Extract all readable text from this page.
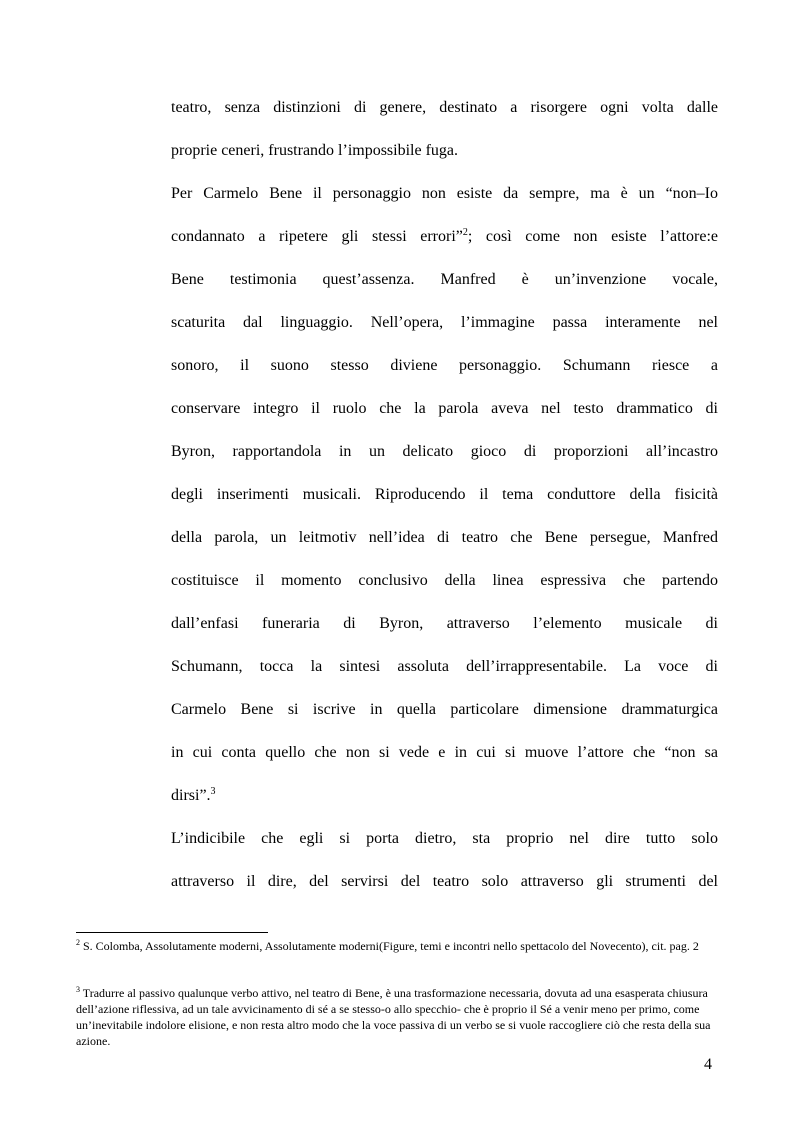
teatro, senza distinzioni di genere, destinato a risorgere ogni volta dalle
proprie ceneri, frustrando l’impossibile fuga.
Per Carmelo Bene il personaggio non esiste da sempre, ma è un “non–Io
condannato a ripetere gli stessi errori”$^2$; così come non esiste l’attore:e
Bene testimonia quest’assenza. Manfred è un’invenzione vocale,
scaturita dal linguaggio. Nell’opera, l’immagine passa interamente nel
sonoro, il suono stesso diviene personaggio. Schumann riesce a
conservare integro il ruolo che la parola aveva nel testo drammatico di
Byron, rapportandola in un delicato gioco di proporzioni all’incastro
degli inserimenti musicali. Riproducendo il tema conduttore della fisicità
della parola, un leitmotiv nell’idea di teatro che Bene persegue, Manfred
costituisce il momento conclusivo della linea espressiva che partendo
dall’enfasi funeraria di Byron, attraverso l’elemento musicale di
Schumann, tocca la sintesi assoluta dell’irrappresentabile. La voce di
Carmelo Bene si iscrive in quella particolare dimensione drammaturgica
in cui conta quello che non si vede e in cui si muove l’attore che “non sa
dirsi”.$^3$
L’indicibile che egli si porta dietro, sta proprio nel dire tutto solo
attraverso il dire, del servirsi del teatro solo attraverso gli strumenti del

$^2$ S. Colomba, Assolutamente moderni, Assolutamente moderni(Figure, temi e incontri nello spettacolo del Novecento), cit. pag. 2

$^3$ Tradurre al passivo qualunque verbo attivo, nel teatro di Bene, è una trasformazione necessaria, dovuta ad una esasperata chiusura dell’azione riflessiva, ad un tale avvicinamento di sé a se stesso-o allo specchio- che è proprio il Sé a venir meno per primo, come un’inevitabile indolore elisione, e non resta altro modo che la voce passiva di un verbo se si vuole raccogliere ciò che resta della sua azione.

4
